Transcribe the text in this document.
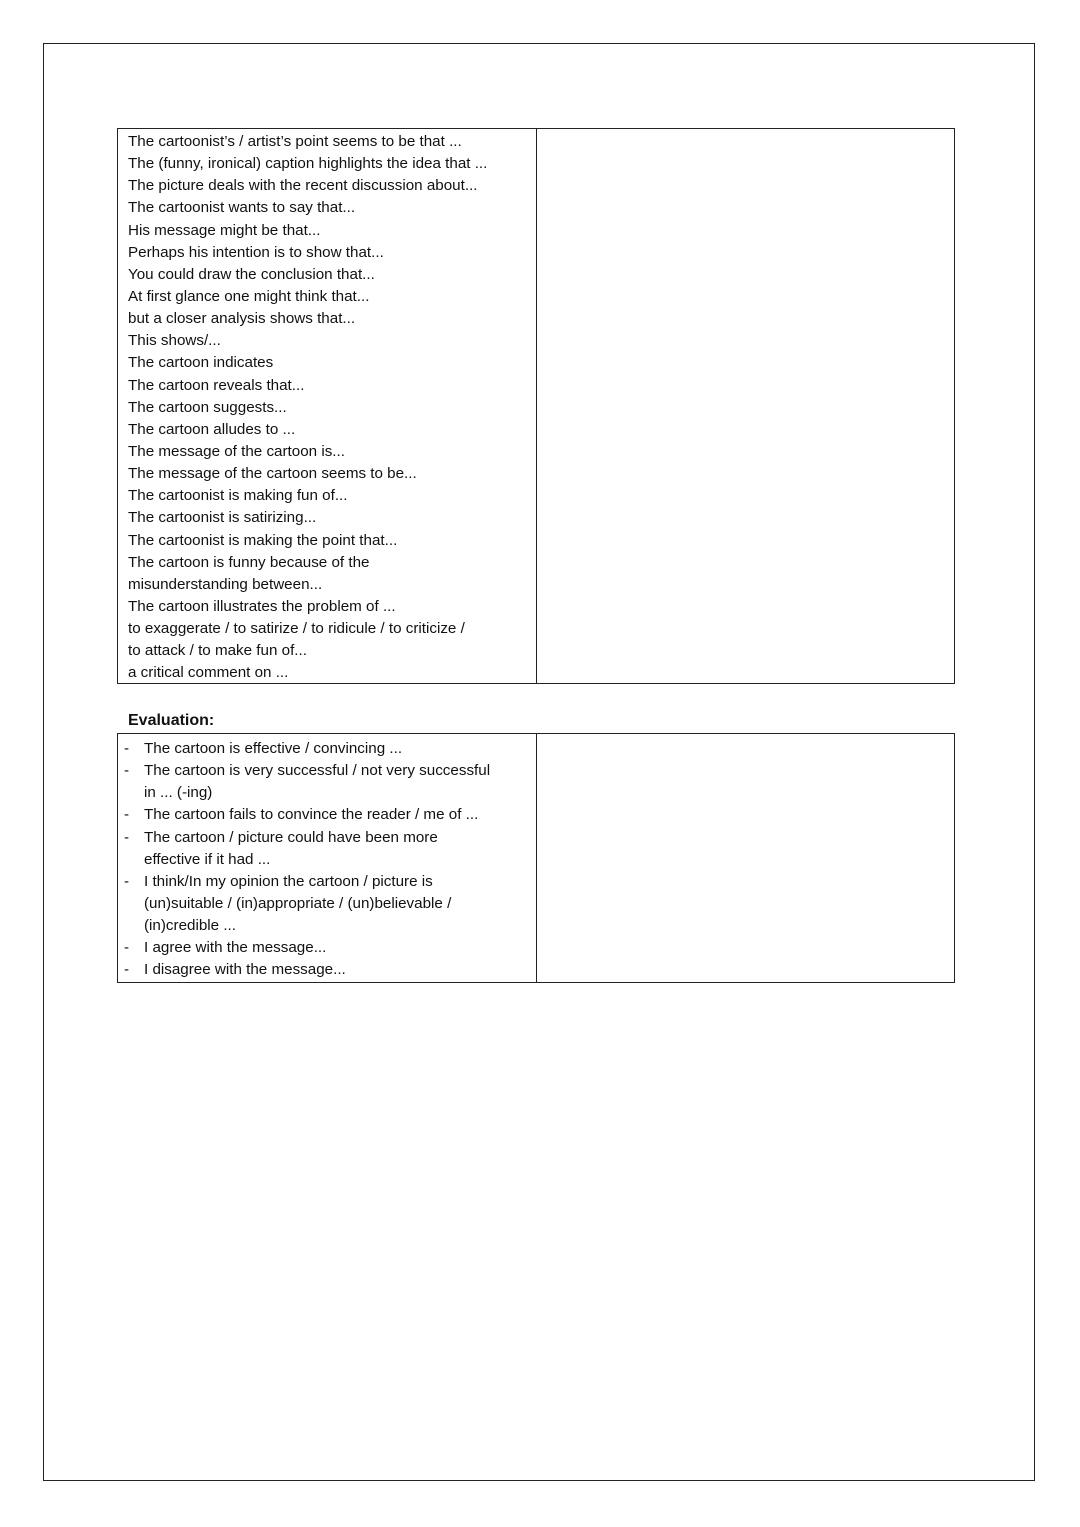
The cartoonist’s / artist’s point seems to be that ...
The (funny, ironical) caption highlights the idea that ...
The picture deals with the recent discussion about...
The cartoonist wants to say that...
His message might be that...
Perhaps his intention is to show that...
You could draw the conclusion that...
At first glance one might think that...
but a closer analysis shows that...
This shows/...
The cartoon indicates
The cartoon reveals that...
The cartoon suggests...
The cartoon alludes to ...
The message of the cartoon is...
The message of the cartoon seems to be...
The cartoonist is making fun of...
The cartoonist is satirizing...
The cartoonist is making the point that...
The cartoon is funny because of the
misunderstanding between...
The cartoon illustrates the problem of ...
to exaggerate / to satirize / to ridicule / to criticize /
to attack / to make fun of...
a critical comment on ...
Evaluation:
- The cartoon is effective / convincing ...
- The cartoon is very successful / not very successful
in ... (-ing)
- The cartoon fails to convince the reader / me of ...
- The cartoon / picture could have been more
effective if it had ...
- I think/In my opinion the cartoon / picture is
(un)suitable / (in)appropriate / (un)believable /
(in)credible ...
- I agree with the message...
- I disagree with the message...
